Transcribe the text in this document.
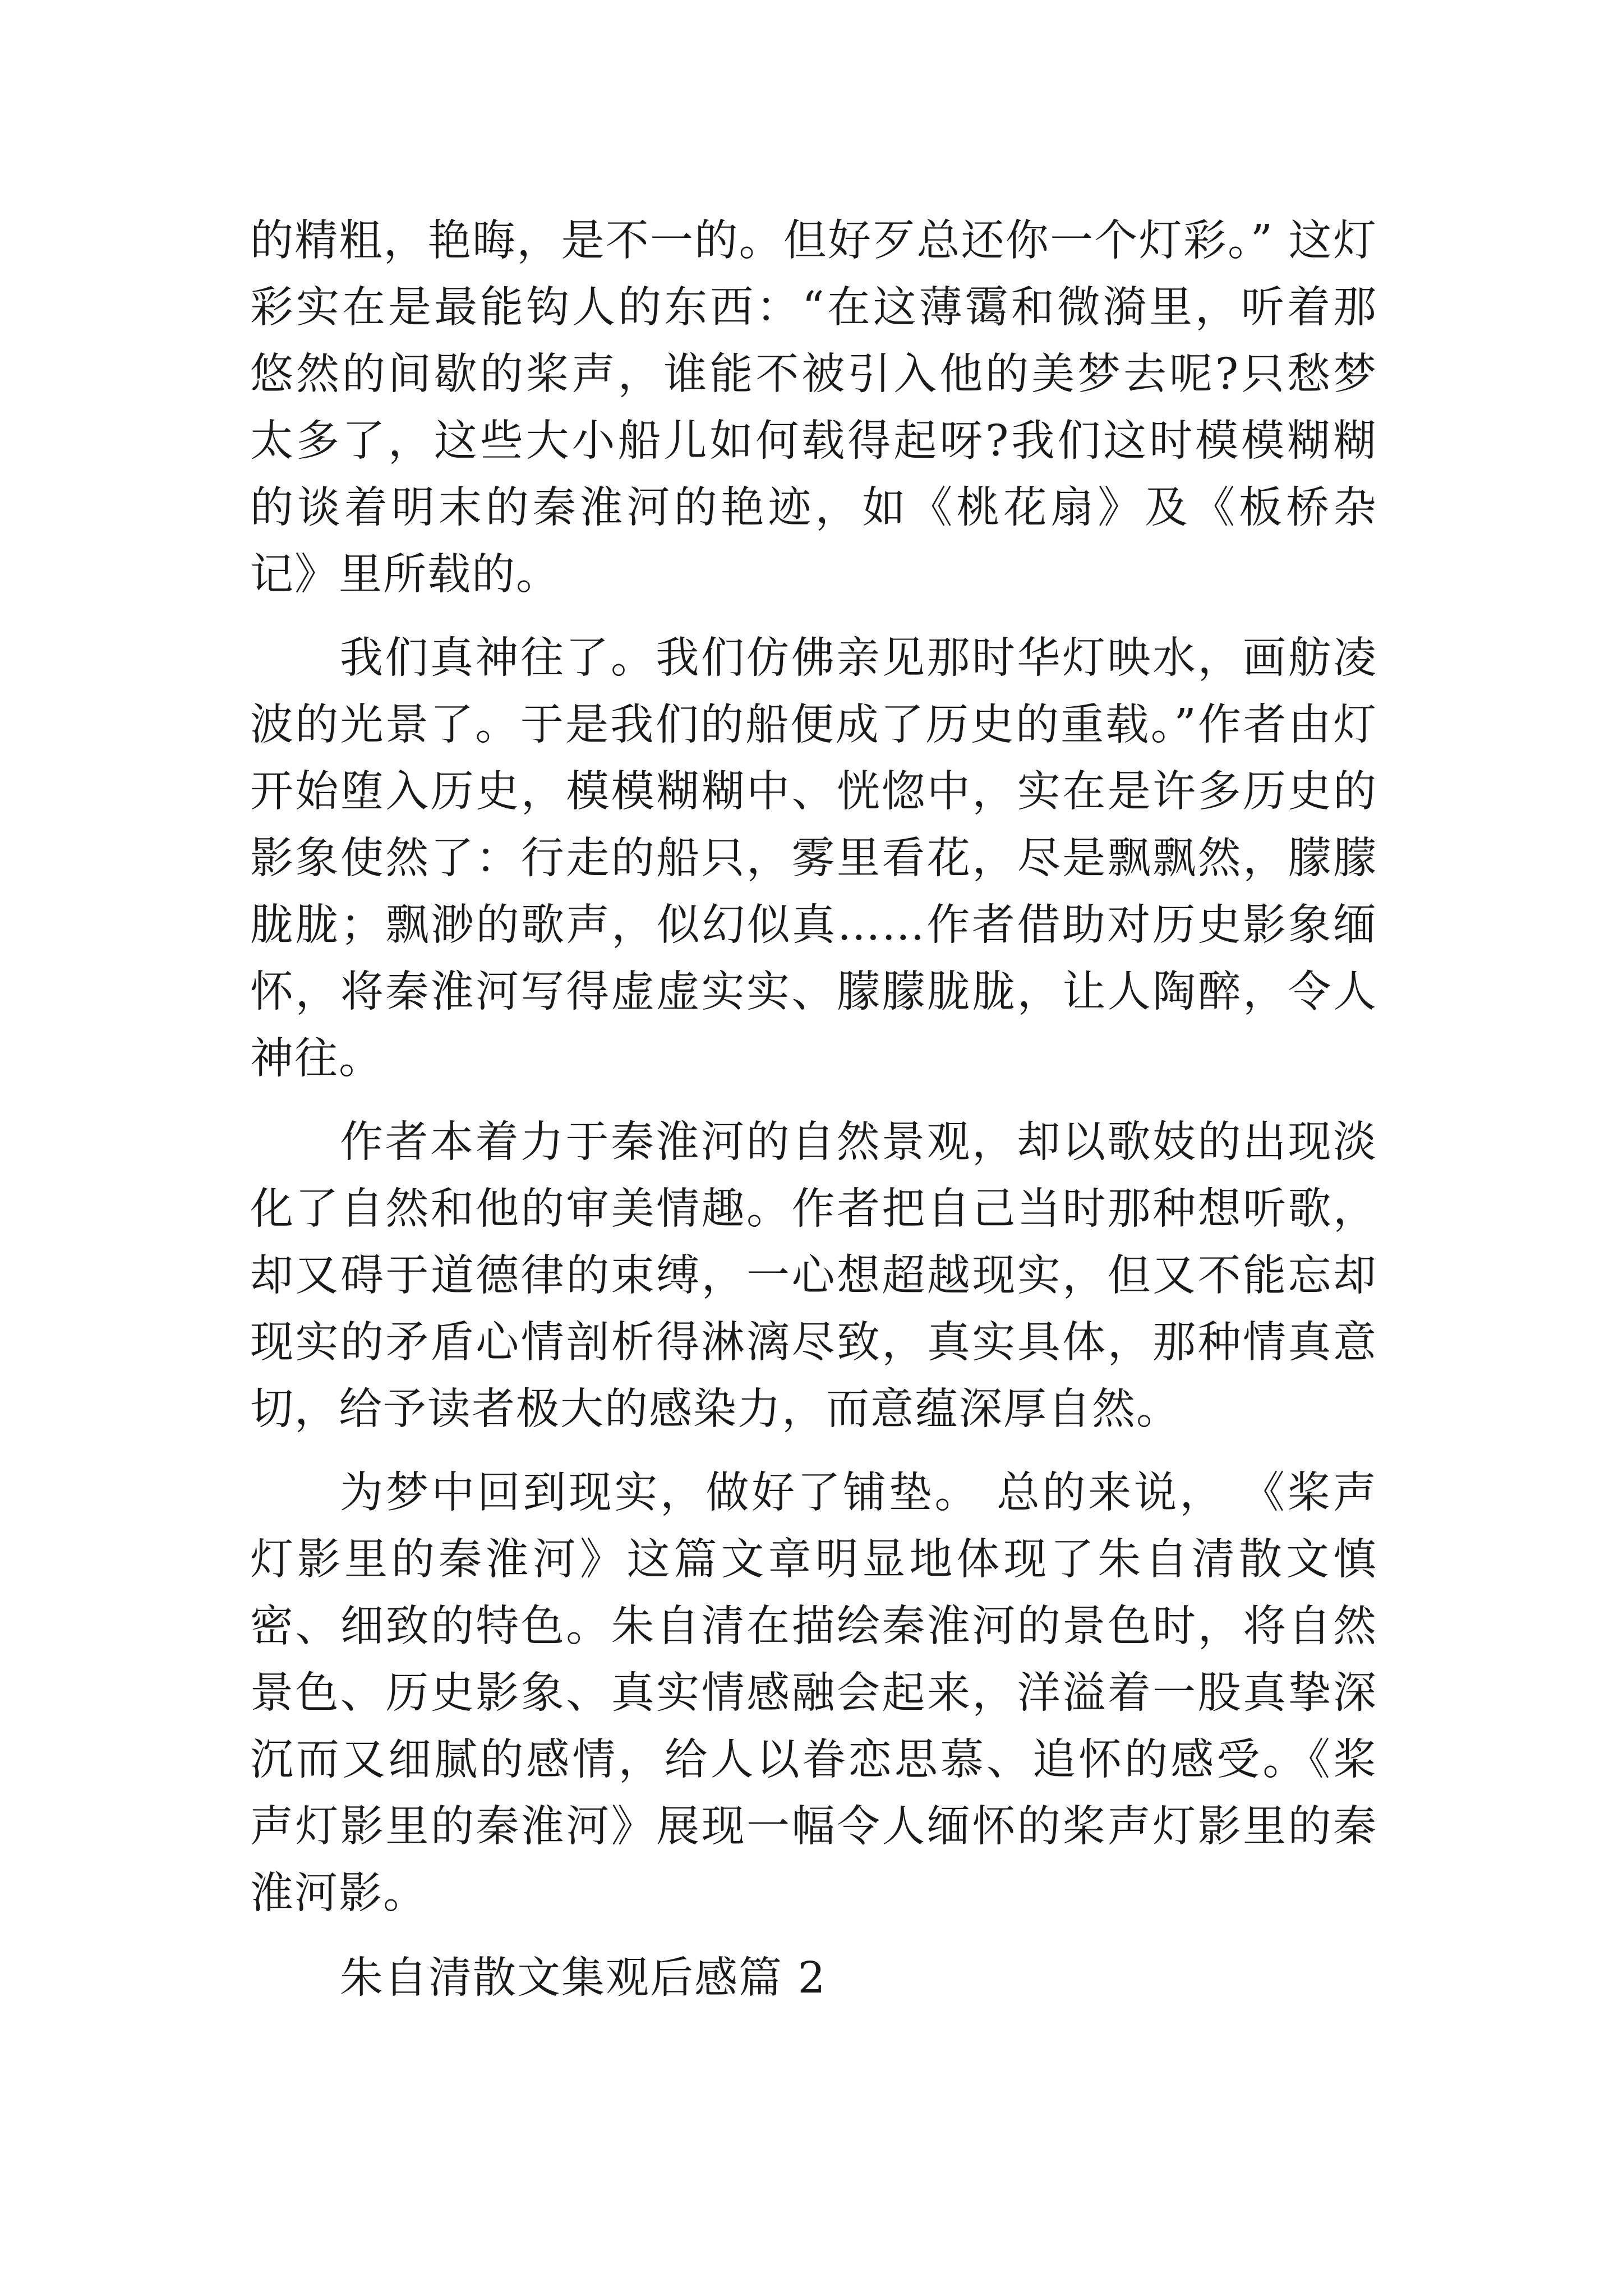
的精粗，艳晦，是不一的。但好歹总还你一个灯彩。” 这灯彩实在是最能钩人的东西：“在这薄霭和微漪里，听着那悠然的间歇的桨声，谁能不被引入他的美梦去呢?只愁梦太多了，这些大小船儿如何载得起呀?我们这时模模糊糊的谈着明末的秦淮河的艳迹，如《桃花扇》及《板桥杂记》里所载的。

我们真神往了。我们仿佛亲见那时华灯映水，画舫凌波的光景了。于是我们的船便成了历史的重载。”作者由灯开始堕入历史，模模糊糊中、恍惚中，实在是许多历史的影象使然了：行走的船只，雾里看花，尽是飘飘然，朦朦胧胧；飘渺的歌声，似幻似真……作者借助对历史影象缅怀，将秦淮河写得虚虚实实、朦朦胧胧，让人陶醉，令人神往。

作者本着力于秦淮河的自然景观，却以歌妓的出现淡化了自然和他的审美情趣。作者把自己当时那种想听歌，却又碍于道德律的束缚，一心想超越现实，但又不能忘却现实的矛盾心情剖析得淋漓尽致，真实具体，那种情真意切，给予读者极大的感染力，而意蕴深厚自然。

为梦中回到现实，做好了铺垫。 总的来说， 《桨声灯影里的秦淮河》这篇文章明显地体现了朱自清散文慎密、细致的特色。朱自清在描绘秦淮河的景色时，将自然景色、历史影象、真实情感融会起来，洋溢着一股真挚深沉而又细腻的感情，给人以眷恋思慕、追怀的感受。《桨声灯影里的秦淮河》展现一幅令人缅怀的桨声灯影里的秦淮河影。

朱自清散文集观后感篇 2
